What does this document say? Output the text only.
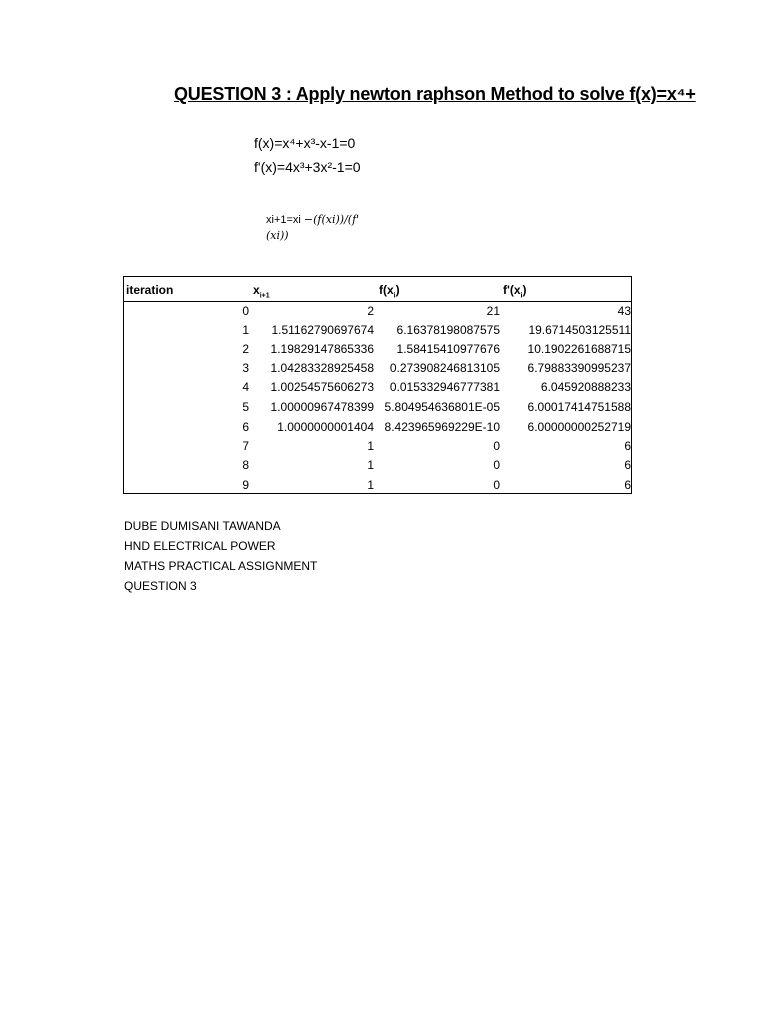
QUESTION 3 : Apply newton raphson Method to solve f(x)=x⁴+
f(x)=x⁴+x³-x-1=0
f'(x)=4x³+3x²-1=0
xi+1=xi −(f(xi))/(f'
(xi))
iteration	$x_{i+1}$	$f(x_i)$	$f'(x_i)$
0	2	21	43
1 1.51162790697674 6.16378198087575 19.6714503125511
2 1.19829147865336 1.58415410977676 10.1902261688715
3 1.04283328925458 0.273908246813105 6.79883390995237
4 1.00254575606273 0.015332946777381	6.045920888233
5 1.00000967478399 5.804954636801E-05 6.00017414751588
6 1.0000000001404 8.423965969229E-10 6.00000000252719
7	1	0	6
8	1	0	6
9	1	0	6
DUBE DUMISANI TAWANDA
HND ELECTRICAL POWER
MATHS PRACTICAL ASSIGNMENT
QUESTION 3
